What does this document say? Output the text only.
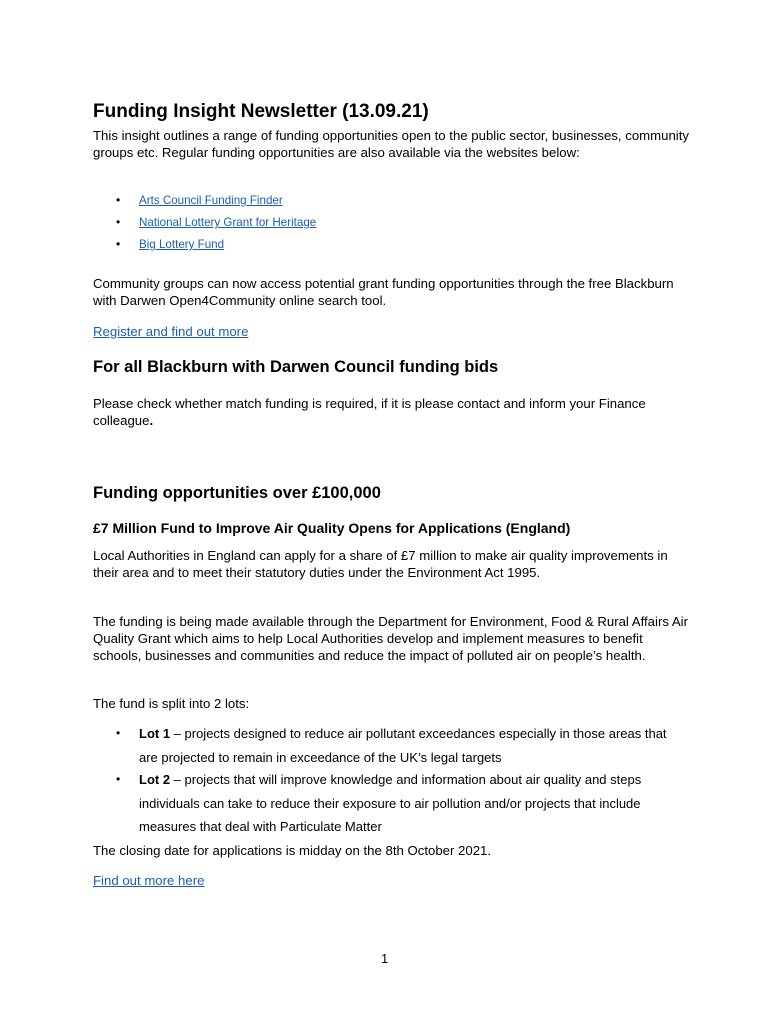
Funding Insight Newsletter (13.09.21)

This insight outlines a range of funding opportunities open to the public sector, businesses, community groups etc. Regular funding opportunities are also available via the websites below:

• Arts Council Funding Finder
• National Lottery Grant for Heritage
• Big Lottery Fund

Community groups can now access potential grant funding opportunities through the free Blackburn with Darwen Open4Community online search tool.

Register and find out more
For all Blackburn with Darwen Council funding bids

Please check whether match funding is required, if it is please contact and inform your Finance colleague.

Funding opportunities over £100,000
£7 Million Fund to Improve Air Quality Opens for Applications (England)

Local Authorities in England can apply for a share of £7 million to make air quality improvements in their area and to meet their statutory duties under the Environment Act 1995.

The funding is being made available through the Department for Environment, Food & Rural Affairs Air Quality Grant which aims to help Local Authorities develop and implement measures to benefit schools, businesses and communities and reduce the impact of polluted air on people’s health.

The fund is split into 2 lots:

• Lot 1 – projects designed to reduce air pollutant exceedances especially in those areas that are projected to remain in exceedance of the UK’s legal targets
• Lot 2 – projects that will improve knowledge and information about air quality and steps individuals can take to reduce their exposure to air pollution and/or projects that include measures that deal with Particulate Matter

The closing date for applications is midday on the 8th October 2021.

Find out more here
1
